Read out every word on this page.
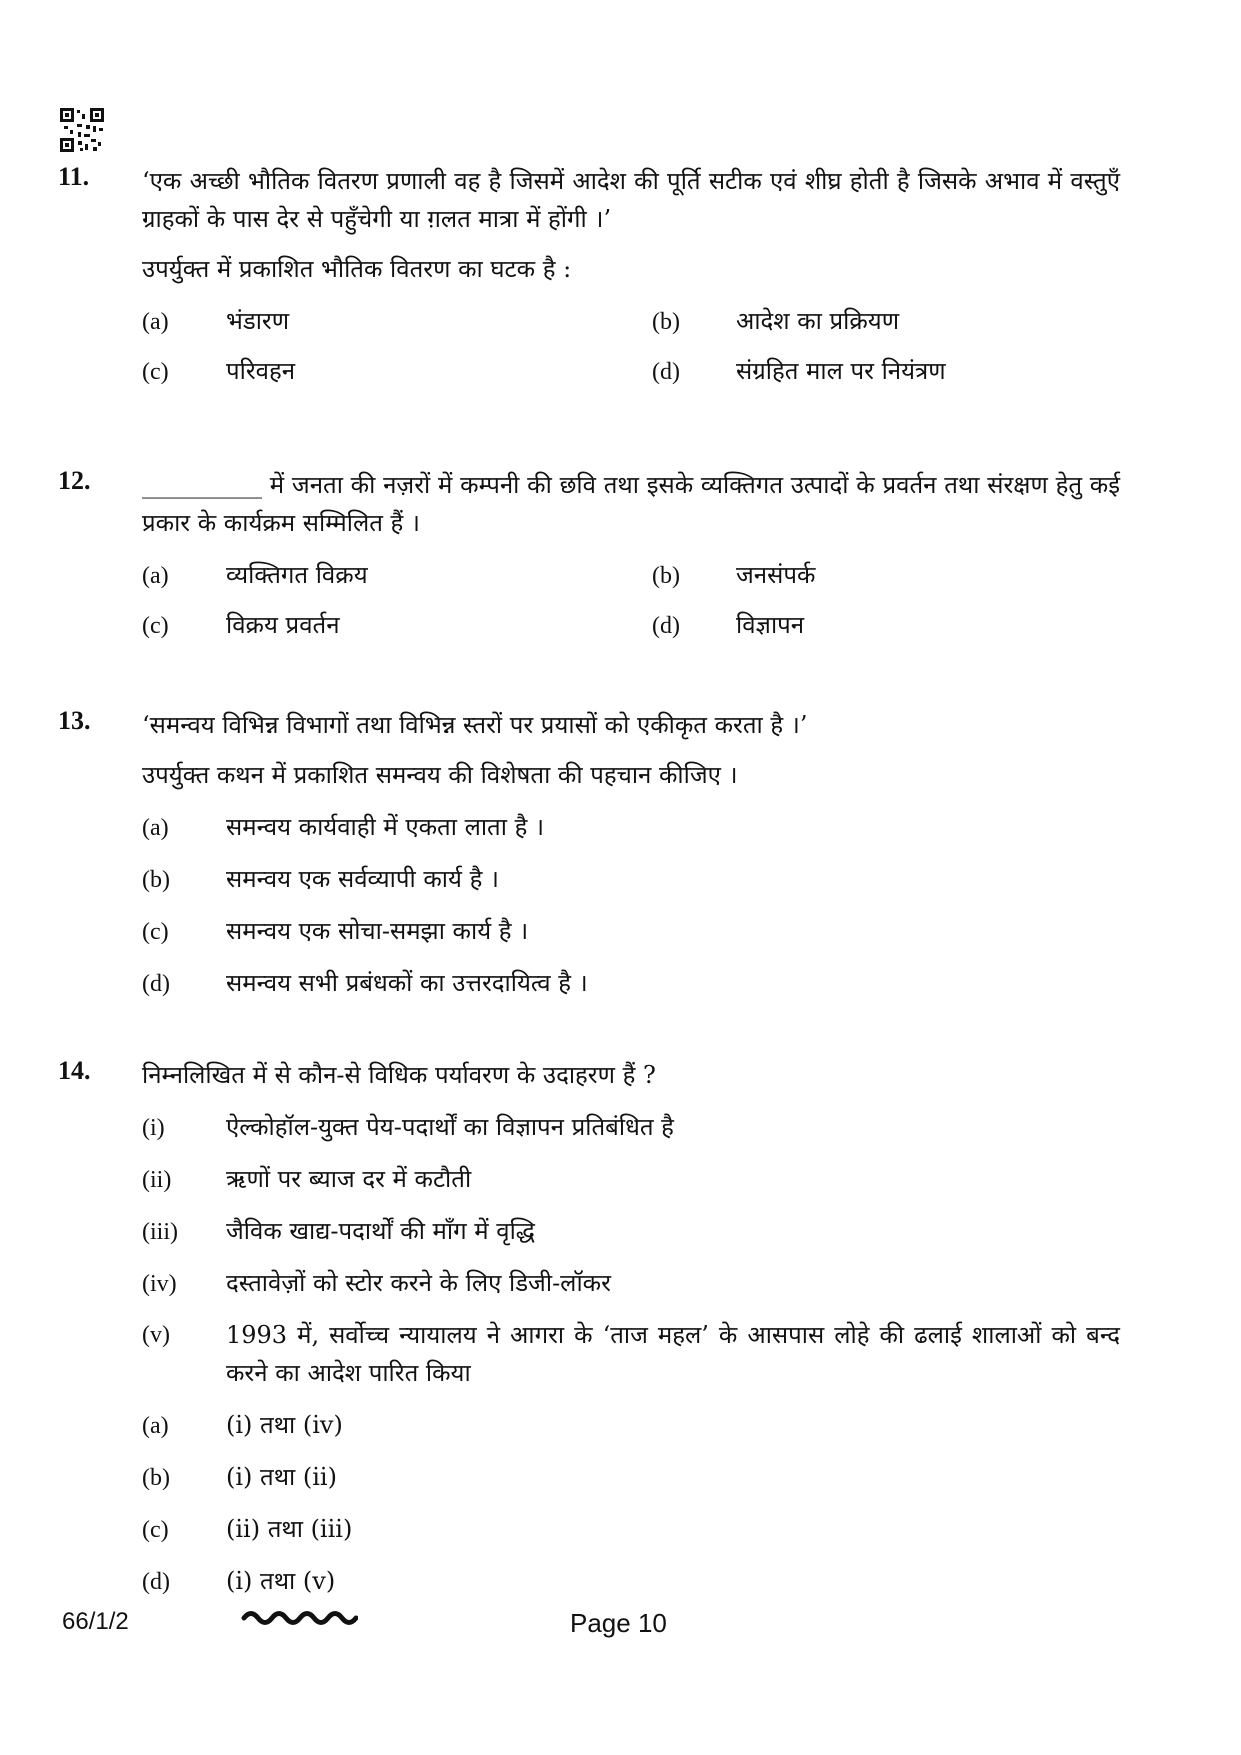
11. ‘एक अच्छी भौतिक वितरण प्रणाली वह है जिसमें आदेश की पूर्ति सटीक एवं शीघ्र होती है जिसके अभाव में वस्तुएँ ग्राहकों के पास देर से पहुँचेगी या ग़लत मात्रा में होंगी ।’

उपर्युक्त में प्रकाशित भौतिक वितरण का घटक है :
(a)	भंडारण	(b)	आदेश का प्रक्रियण
(c)	परिवहन	(d)	संग्रहित माल पर नियंत्रण
12. __________ में जनता की नज़रों में कम्पनी की छवि तथा इसके व्यक्तिगत उत्पादों के प्रवर्तन तथा संरक्षण हेतु कई प्रकार के कार्यक्रम सम्मिलित हैं ।

(a)	व्यक्तिगत विक्रय	(b)	जनसंपर्क
(c)	विक्रय प्रवर्तन	(d)	विज्ञापन
13. ‘समन्वय विभिन्न विभागों तथा विभिन्न स्तरों पर प्रयासों को एकीकृत करता है ।’

उपर्युक्त कथन में प्रकाशित समन्वय की विशेषता की पहचान कीजिए ।
(a)	समन्वय कार्यवाही में एकता लाता है ।
(b)	समन्वय एक सर्वव्यापी कार्य है ।
(c)	समन्वय एक सोचा-समझा कार्य है ।
(d)	समन्वय सभी प्रबंधकों का उत्तरदायित्व है ।
14. निम्नलिखित में से कौन-से विधिक पर्यावरण के उदाहरण हैं ?

(i)	ऐल्कोहॉल-युक्त पेय-पदार्थों का विज्ञापन प्रतिबंधित है
(ii)	ऋणों पर ब्याज दर में कटौती
(iii)	जैविक खाद्य-पदार्थों की माँग में वृद्धि
(iv)	दस्तावेज़ों को स्टोर करने के लिए डिजी-लॉकर
(v)	1993 में, सर्वोच्च न्यायालय ने आगरा के ‘ताज महल’ के आसपास लोहे की ढलाई शालाओं को बन्द करने का आदेश पारित किया
(a)	(i) तथा (iv)
(b)	(i) तथा (ii)
(c)	(ii) तथा (iii)
(d)	(i) तथा (v)
66/1/2	Page 10
